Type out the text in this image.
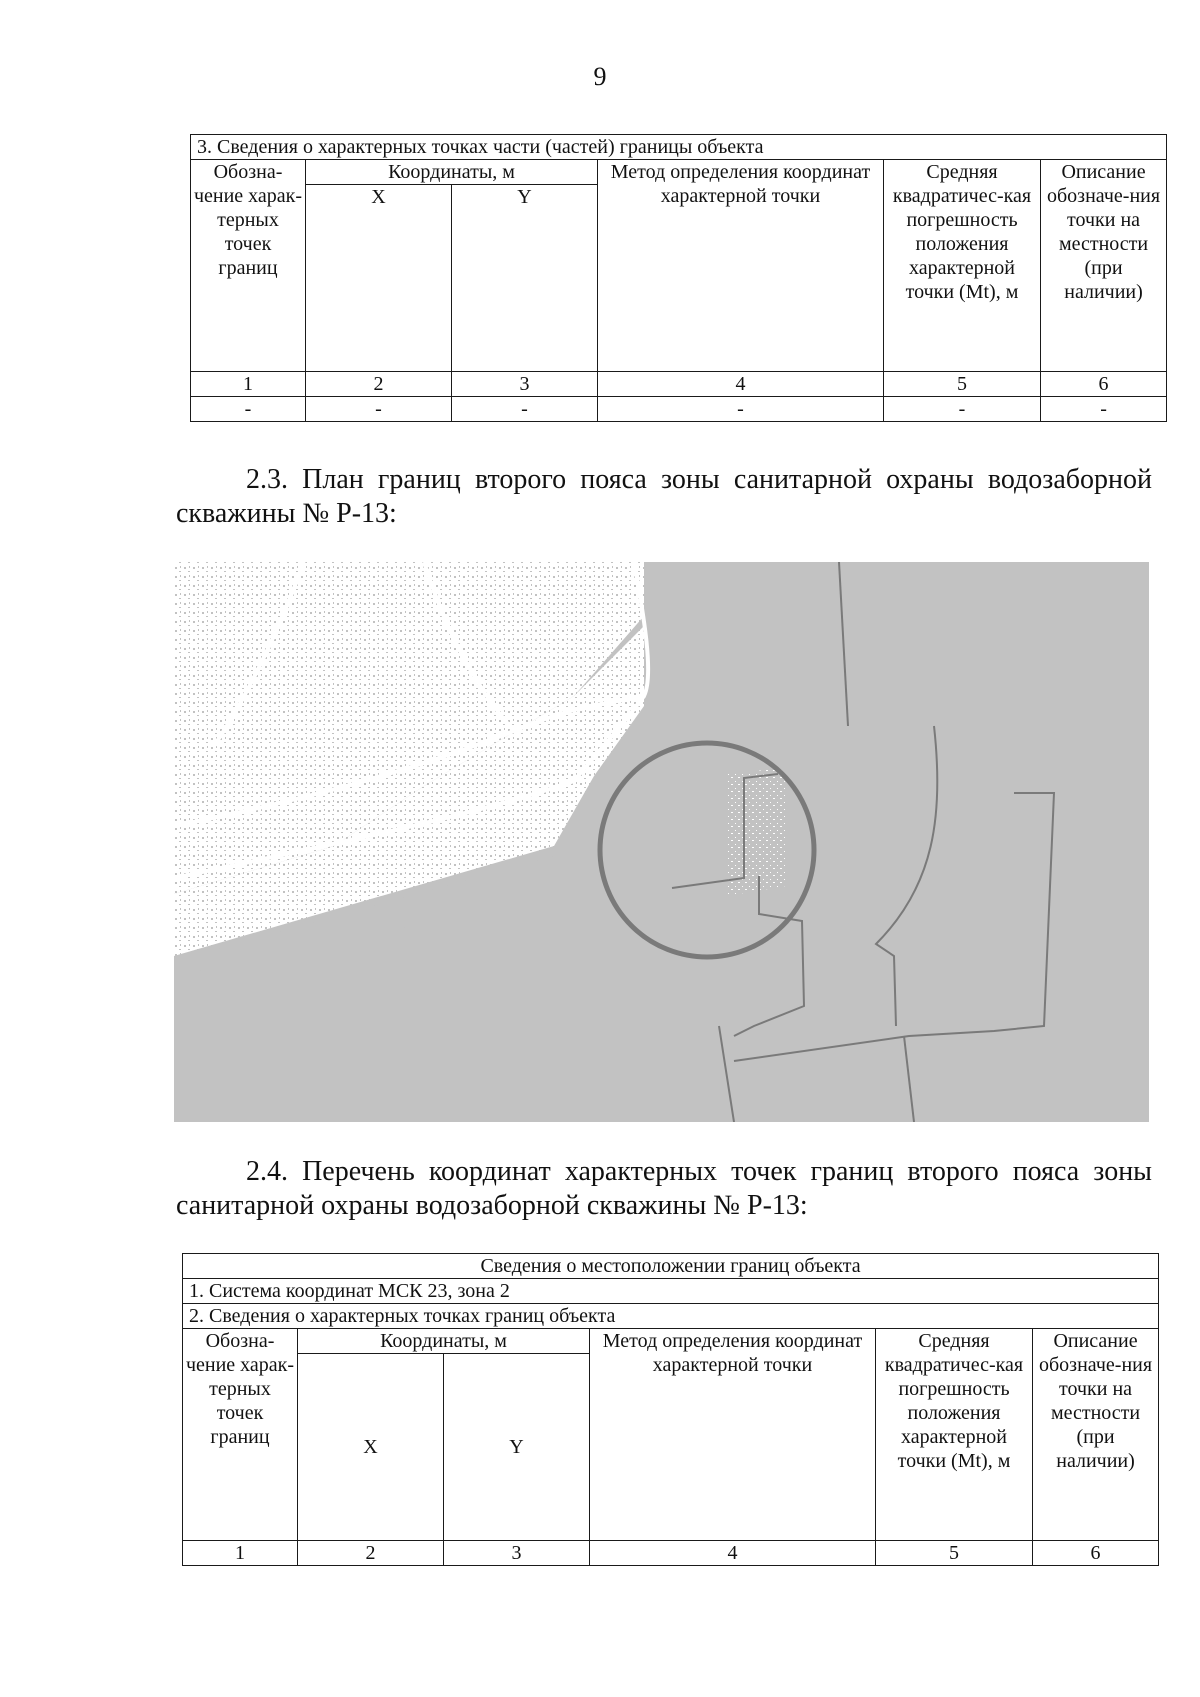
9
3. Сведения о характерных точках части (частей) границы объекта					
Обозна-чение харак-терных точек границ	Координаты, м		Метод определения координат характерной точки	Средняя квадратичес-кая погрешность положения характерной точки (Mt), м	Описание обозначе-ния точки на местности (при наличии)
	X	Y			
1	2	3	4	5	6
-	-	-	-	-	-
2.3. План границ второго пояса зоны санитарной охраны водозаборной
скважины № Р-13:
2.4. Перечень координат характерных точек границ второго пояса зоны
санитарной охраны водозаборной скважины № Р-13:
Сведения о местоположении границ объекта					
1. Система координат МСК 23, зона 2					
2. Сведения о характерных точках границ объекта					
Обозна-чение харак-терных точек границ	Координаты, м		Метод определения координат характерной точки	Средняя квадратичес-кая погрешность положения характерной точки (Mt), м	Описание обозначе-ния точки на местности (при наличии)
	X	Y			
1	2	3	4	5	6
